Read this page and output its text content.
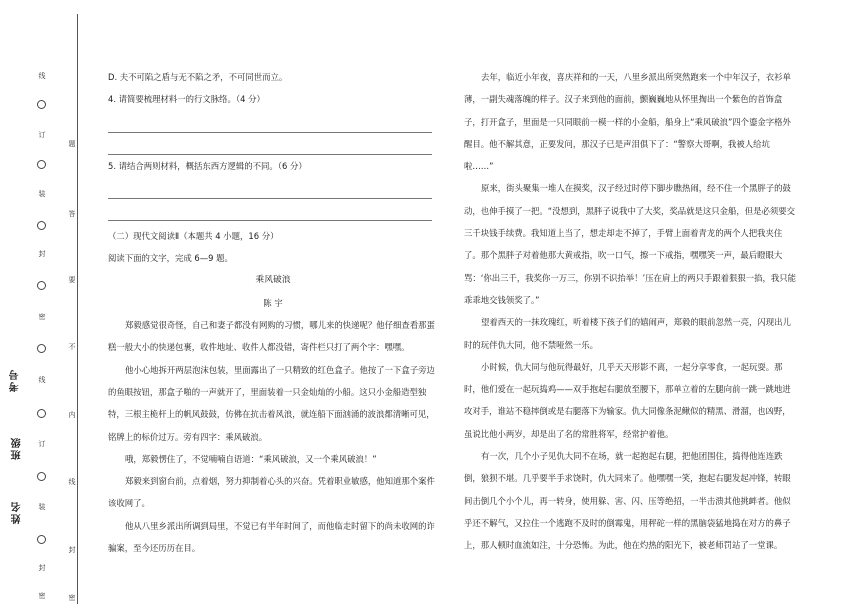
线
订
装
封
密
线
订
装
封
密
题
答
要
不
内
线
封
密
姓名
班级
考号

D. 夫不可陷之盾与无不陷之矛，不可同世而立。

4. 请简要梳理材料一的行文脉络。（4 分）

5. 请结合两则材料，概括东西方逻辑的不同。（6 分）

（二）现代文阅读Ⅱ（本题共 4 小题，16 分）

阅读下面的文字，完成 6—9 题。

乘风破浪

陈 宇

郑毅感觉很奇怪，自己和妻子都没有网购的习惯，哪儿来的快递呢？他仔细查看那蛋糕一般大小的快递包裹，收件地址、收件人都没错，寄件栏只打了两个字：嘿嘿。

他小心地拆开两层泡沫包装，里面露出了一只精致的红色盒子。他按了一下盒子旁边的鱼眼按钮，那盒子啪的一声就开了，里面装着一只金灿灿的小船。这只小金船造型独特，三根主桅杆上的帆风鼓鼓，仿佛在抗击着风浪，就连船下面汹涌的波浪都清晰可见，铭牌上的标价过万。旁有四字：乘风破浪。

哦，郑毅愣住了，不觉喃喃自语道：“乘风破浪，又一个乘风破浪！”

郑毅来到窗台前，点着烟，努力抑制着心头的兴奋。凭着职业敏感，他知道那个案件该收网了。

他从八里乡派出所调到局里，不觉已有半年时间了，而他临走时留下的尚未收网的诈骗案，至今还历历在目。

去年，临近小年夜，喜庆祥和的一天，八里乡派出所突然跑来一个中年汉子，衣衫单薄，一副失魂落魄的样子。汉子来到他的面前，颤巍巍地从怀里掏出一个紫色的首饰盒子，打开盒子，里面是一只同眼前一模一样的小金船，船身上“乘风破浪”四个鎏金字格外醒目。他不解其意，正要发问，那汉子已是声泪俱下了：“警察大哥啊，我被人给坑啦……”

原来，街头聚集一堆人在摸奖，汉子经过时停下脚步瞧热闹，经不住一个黑胖子的鼓动，也伸手摸了一把。“没想到，黑胖子说我中了大奖，奖品就是这只金船，但是必须要交三千块钱手续费。我知道上当了，想走却走不掉了，手臂上面着青龙的两个人把我夹住了。那个黑胖子对着他那大黄戒指，吹一口气，擦一下戒指，嘿嘿笑一声，最后瞪眼大骂：‘你出三千，我奖你一万三，你别不识抬举！’压在肩上的两只手跟着狠狠一掐，我只能乖乖地交钱领奖了。”

望着西天的一抹玫瑰红，听着楼下孩子们的嬉闹声，郑毅的眼前忽然一亮，闪现出儿时的玩伴仇大同，他不禁哑然一乐。

小时候，仇大同与他玩得最好，几乎天天形影不离，一起分享零食，一起玩耍。那时，他们爱在一起玩捣鸡——双手抱起右腿放至腰下，那单立着的左腿向前一跳一跳地进攻对手，谁站不稳摔倒或是右腿落下为输家。仇大同像条泥鳅似的精黑、滑溜，也凶野，虽说比他小两岁，却是出了名的常胜将军，经常护着他。

有一次，几个小子见仇大同不在场，就一起抱起右腿，把他团围住，捣得他连连跌倒，狼狈不堪。几乎要半手求饶时，仇大同来了。他嘿嘿一笑，抱起右腿发起冲锋，转眼间击倒几个小个儿，再一转身，使用躲、害、闪、压等绝招，一半击溃其他挑衅者。他似乎还不解气，又拉住一个逃跑不及时的倒霉鬼，用秤砣一样的黑脑袋猛地捣在对方的鼻子上，那人顿时血流如注，十分恐怖。为此，他在灼热的阳光下，被老师罚站了一堂课。
